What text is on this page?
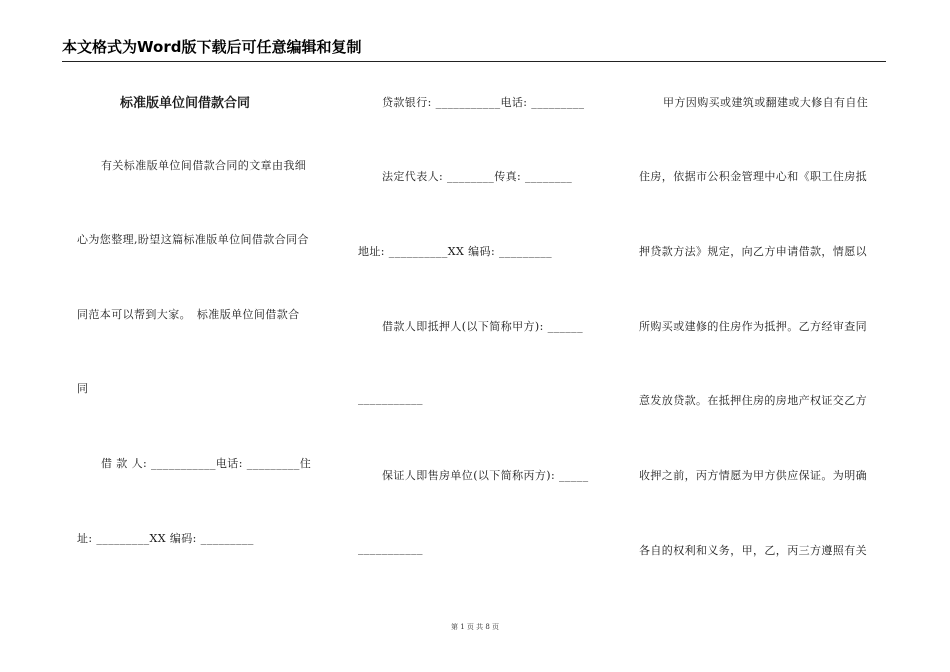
本文格式为Word版下载后可任意编辑和复制
标准版单位间借款合同
有关标准版单位间借款合同的文章由我细
心为您整理,盼望这篇标准版单位间借款合同合
同范本可以帮到大家。　标准版单位间借款合
同
借 款 人: ___________电话: _________住
址: _________XX 编码: _________
贷款银行: ___________电话: _________
法定代表人: ________传真: ________
地址: __________XX 编码: _________
借款人即抵押人(以下简称甲方): ______
___________
保证人即售房单位(以下简称丙方): _____
___________
甲方因购买或建筑或翻建或大修自有自住
住房，依据市公积金管理中心和《职工住房抵
押贷款方法》规定，向乙方申请借款，情愿以
所购买或建修的住房作为抵押。乙方经审查同
意发放贷款。在抵押住房的房地产权证交乙方
收押之前，丙方情愿为甲方供应保证。为明确
各自的权利和义务，甲，乙，丙三方遵照有关
第 1 页 共 8 页
